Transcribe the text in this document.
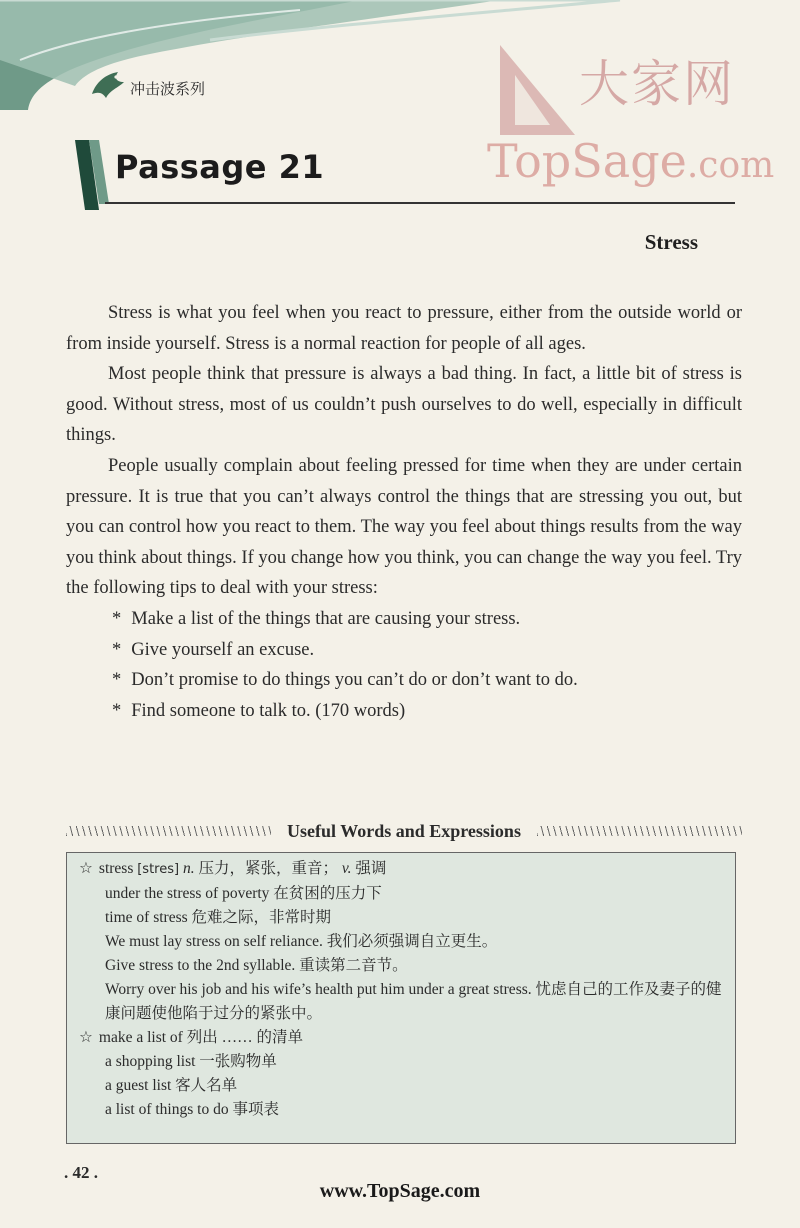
冲击波系列	大家网
TopSage.com
Passage 21
Stress

Stress is what you feel when you react to pressure, either from the outside world or from inside yourself. Stress is a normal reaction for people of all ages.

Most people think that pressure is always a bad thing. In fact, a little bit of stress is good. Without stress, most of us couldn’t push ourselves to do well, especially in difficult things.

People usually complain about feeling pressed for time when they are under certain pressure. It is true that you can’t always control the things that are stressing you out, but you can control how you react to them. The way you feel about things results from the way you think about things. If you change how you think, you can change the way you feel. Try the following tips to deal with your stress:

* Make a list of the things that are causing your stress.
* Give yourself an excuse.
* Don’t promise to do things you can’t do or don’t want to do.
* Find someone to talk to. (170 words)
Useful Words and Expressions
☆ stress [stres] n. 压力，紧张，重音； v. 强调
under the stress of poverty 在贫困的压力下
time of stress 危难之际，非常时期
We must lay stress on self reliance. 我们必须强调自立更生。
Give stress to the 2nd syllable. 重读第二音节。
Worry over his job and his wife’s health put him under a great stress. 忧虑自己的工作及妻子的健康问题使他陷于过分的紧张中。
☆ make a list of 列出 …… 的清单
a shopping list 一张购物单
a guest list 客人名单
a list of things to do 事项表
. 42 .
www.TopSage.com
